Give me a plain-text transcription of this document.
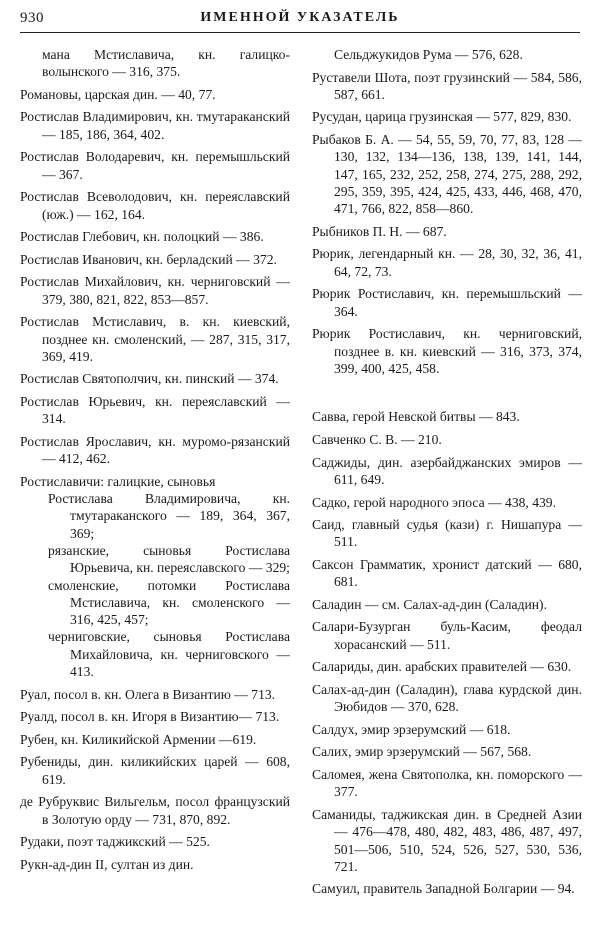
930	ИМЕННОЙ УКАЗАТЕЛЬ
мана Мстиславича, кн. галицко-волынского — 316, 375.
Романовы, царская дин. — 40, 77.
Ростислав Владимирович, кн. тмутараканский — 185, 186, 364, 402.
Ростислав Володаревич, кн. перемышльский — 367.
Ростислав Всеволодович, кн. переяславский (юж.) — 162, 164.
Ростислав Глебович, кн. полоцкий — 386.
Ростислав Иванович, кн. берладский — 372.
Ростислав Михайлович, кн. черниговский — 379, 380, 821, 822, 853—857.
Ростислав Мстиславич, в. кн. киевский, позднее кн. смоленский, — 287, 315, 317, 369, 419.
Ростислав Святополчич, кн. пинский — 374.
Ростислав Юрьевич, кн. переяславский — 314.
Ростислав Ярославич, кн. муромо-рязанский — 412, 462.
Ростиславичи: галицкие, сыновья
Ростислава Владимировича, кн. тмутараканского — 189, 364, 367, 369;
рязанские, сыновья Ростислава Юрьевича, кн. переяславского — 329;
смоленские, потомки Ростислава Мстиславича, кн. смоленского — 316, 425, 457;
черниговские, сыновья Ростислава Михайловича, кн. черниговского — 413.
Руал, посол в. кн. Олега в Византию — 713.
Руалд, посол в. кн. Игоря в Византию— 713.
Рубен, кн. Киликийской Армении —619.
Рубениды, дин. киликийских царей — 608, 619.
де Рубруквис Вильгельм, посол французский в Золотую орду — 731, 870, 892.
Рудаки, поэт таджикский — 525.
Рукн-ад-дин II, султан из дин.
Сельджукидов Рума — 576, 628.
Руставели Шота, поэт грузинский — 584, 586, 587, 661.
Русудан, царица грузинская — 577, 829, 830.
Рыбаков Б. А. — 54, 55, 59, 70, 77, 83, 128 —130, 132, 134—136, 138, 139, 141, 144, 147, 165, 232, 252, 258, 274, 275, 288, 292, 295, 359, 395, 424, 425, 433, 446, 468, 470, 471, 766, 822, 858—860.
Рыбников П. Н. — 687.
Рюрик, легендарный кн. — 28, 30, 32, 36, 41, 64, 72, 73.
Рюрик Ростиславич, кн. перемышльский — 364.
Рюрик Ростиславич, кн. черниговский, позднее в. кн. киевский — 316, 373, 374, 399, 400, 425, 458.
Савва, герой Невской битвы — 843.
Савченко С. В. — 210.
Саджиды, дин. азербайджанских эмиров — 611, 649.
Садко, герой народного эпоса — 438, 439.
Саид, главный судья (кази) г. Нишапура — 511.
Саксон Грамматик, хронист датский — 680, 681.
Саладин — см. Салах-ад-дин (Саладин).
Салари-Бузурган буль-Касим, феодал хорасанский — 511.
Салариды, дин. арабских правителей — 630.
Салах-ад-дин (Саладин), глава курдской дин. Эюбидов — 370, 628.
Салдух, эмир эрзерумский — 618.
Салих, эмир эрзерумский — 567, 568.
Саломея, жена Святополка, кн. поморского — 377.
Саманиды, таджикская дин. в Средней Азии — 476—478, 480, 482, 483, 486, 487, 497, 501—506, 510, 524, 526, 527, 530, 536, 721.
Самуил, правитель Западной Болгарии — 94.
